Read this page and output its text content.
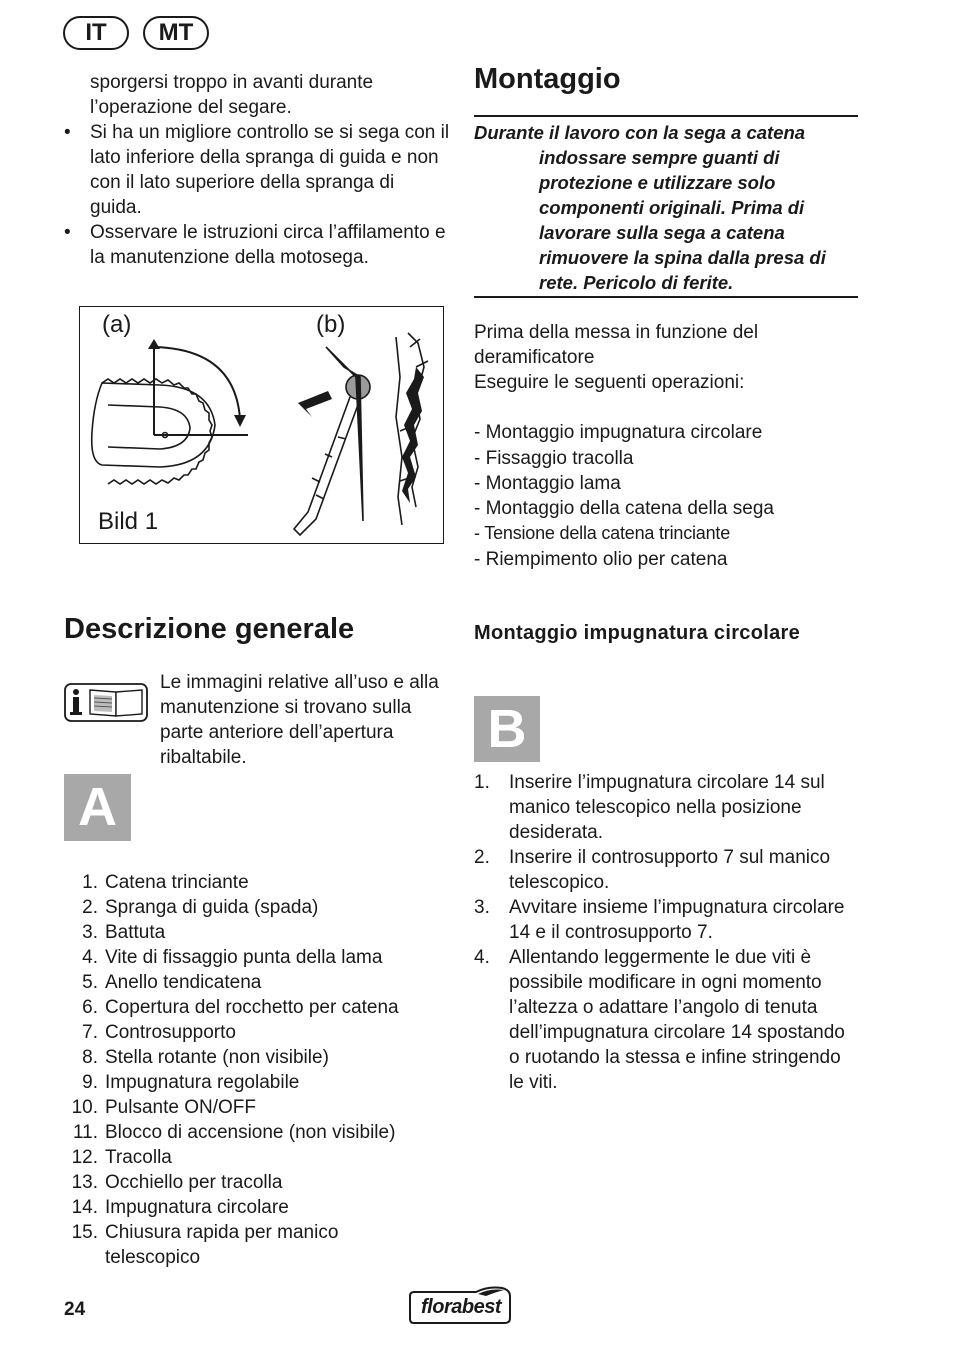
IT	MT
sporgersi troppo in avanti durante l’operazione del segare.
• Si ha un migliore controllo se si sega con il lato inferiore della spranga di guida e non con il lato superiore della spranga di guida.
• Osservare le istruzioni circa l’affilamento e la manutenzione della motosega.
(a)	(b)
Bild 1
Descrizione generale
Le immagini relative all’uso e alla manutenzione si trovano sulla parte anteriore dell’apertura ribaltabile.
A
1. Catena trinciante
2. Spranga di guida (spada)
3. Battuta
4. Vite di fissaggio punta della lama
5. Anello tendicatena
6. Copertura del rocchetto per catena
7. Controsupporto
8. Stella rotante (non visibile)
9. Impugnatura regolabile
10. Pulsante ON/OFF
11. Blocco di accensione (non visibile)
12. Tracolla
13. Occhiello per tracolla
14. Impugnatura circolare
15. Chiusura rapida per manico telescopico
Montaggio

Durante il lavoro con la sega a catena

indossare sempre guanti di protezione e utilizzare solo componenti originali. Prima di lavorare sulla sega a catena rimuovere la spina dalla presa di rete. Pericolo di ferite.

Prima della messa in funzione del deramificatore
Eseguire le seguenti operazioni:
- Montaggio impugnatura circolare
- Fissaggio tracolla
- Montaggio lama
- Montaggio della catena della sega
- Tensione della catena trinciante
- Riempimento olio per catena
Montaggio impugnatura circolare
B
1.	Inserire l’impugnatura circolare 14 sul manico telescopico nella posizione desiderata.
2.	Inserire il controsupporto 7 sul manico telescopico.
3.	Avvitare insieme l’impugnatura circolare 14 e il controsupporto 7.
4.	Allentando leggermente le due viti è possibile modificare in ogni momento l’altezza o adattare l’angolo di tenuta dell’impugnatura circolare 14 spostando o ruotando la stessa e infine stringendo le viti.
24	florabest
